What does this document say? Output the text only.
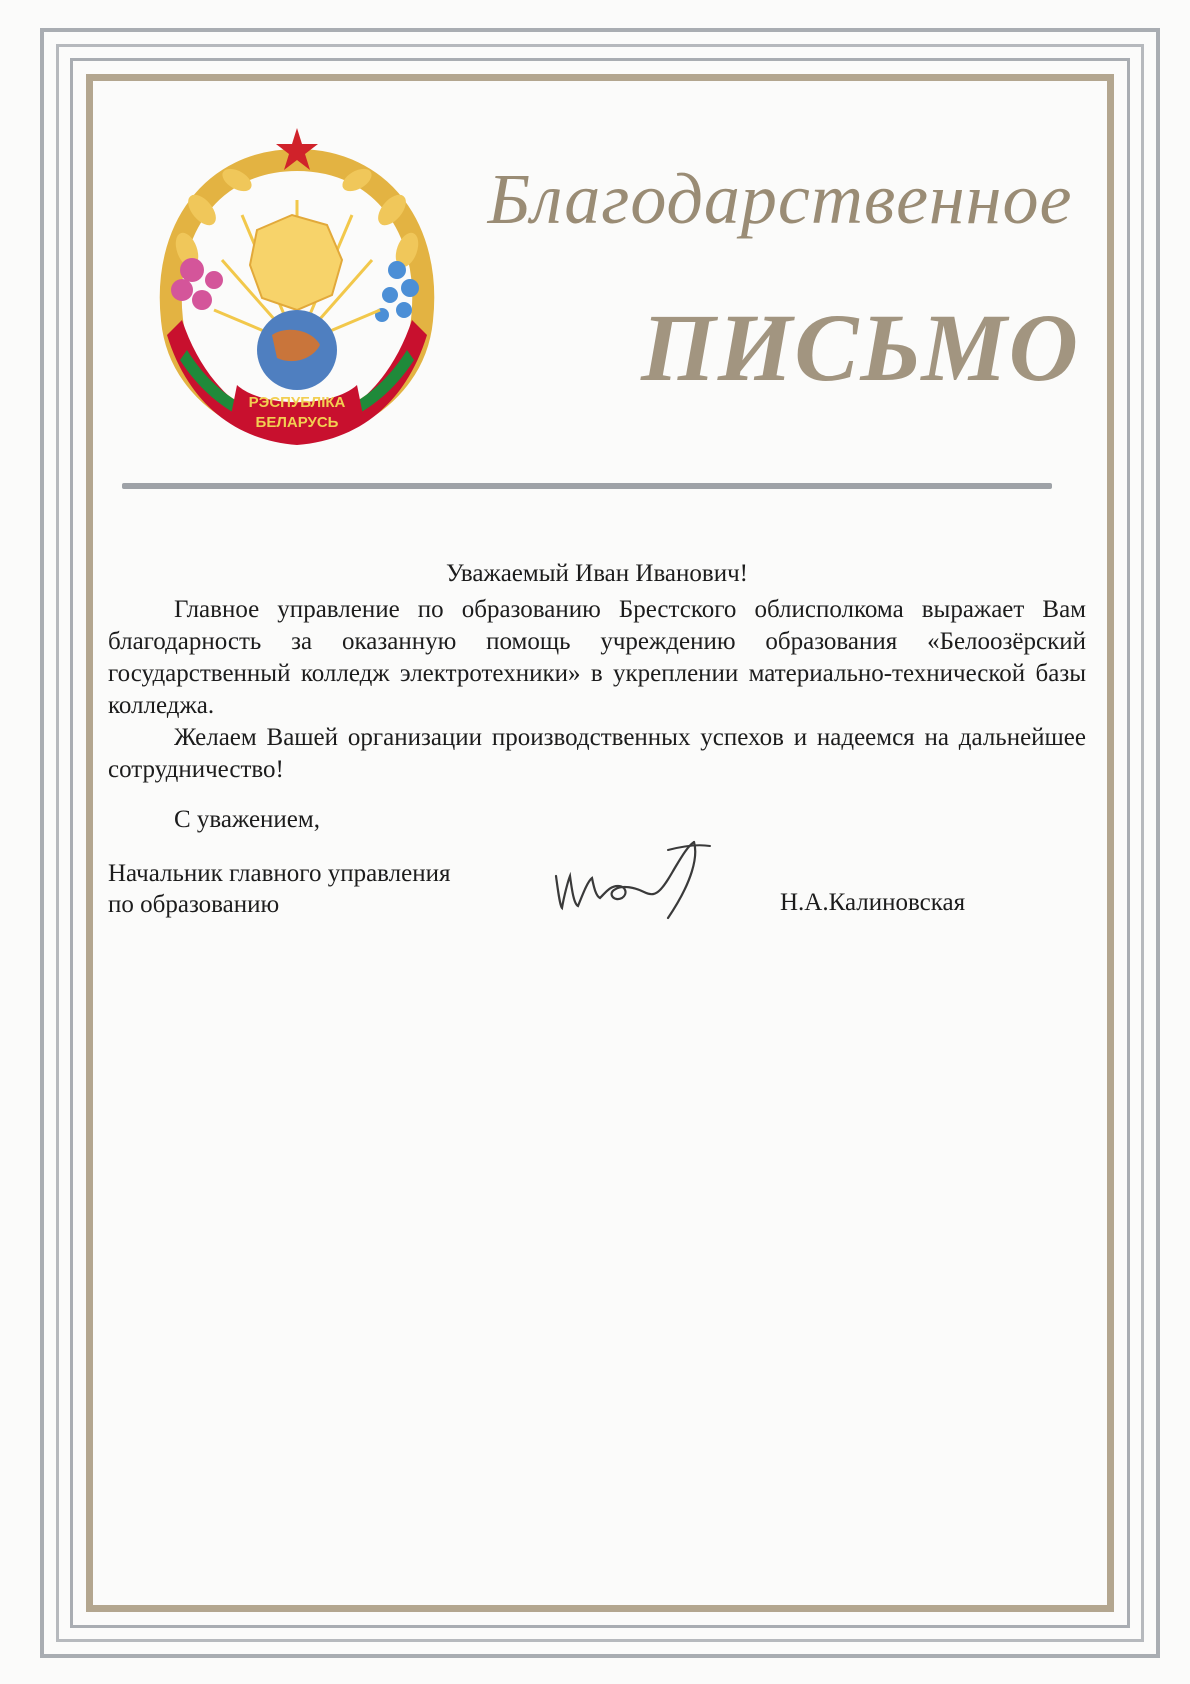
РЭСПУБЛІКА
БЕЛАРУСЬ
Благодарственное
ПИСЬМО
Уважаемый Иван Иванович!

Главное управление по образованию Брестского облисполкома выражает Вам благодарность за оказанную помощь учреждению образования «Белоозёрский государственный колледж электротехники» в укреплении материально-технической базы колледжа.

Желаем Вашей организации производственных успехов и надеемся на дальнейшее сотрудничество!

С уважением,
Начальник главного управления
по образованию	Н.А.Калиновская
